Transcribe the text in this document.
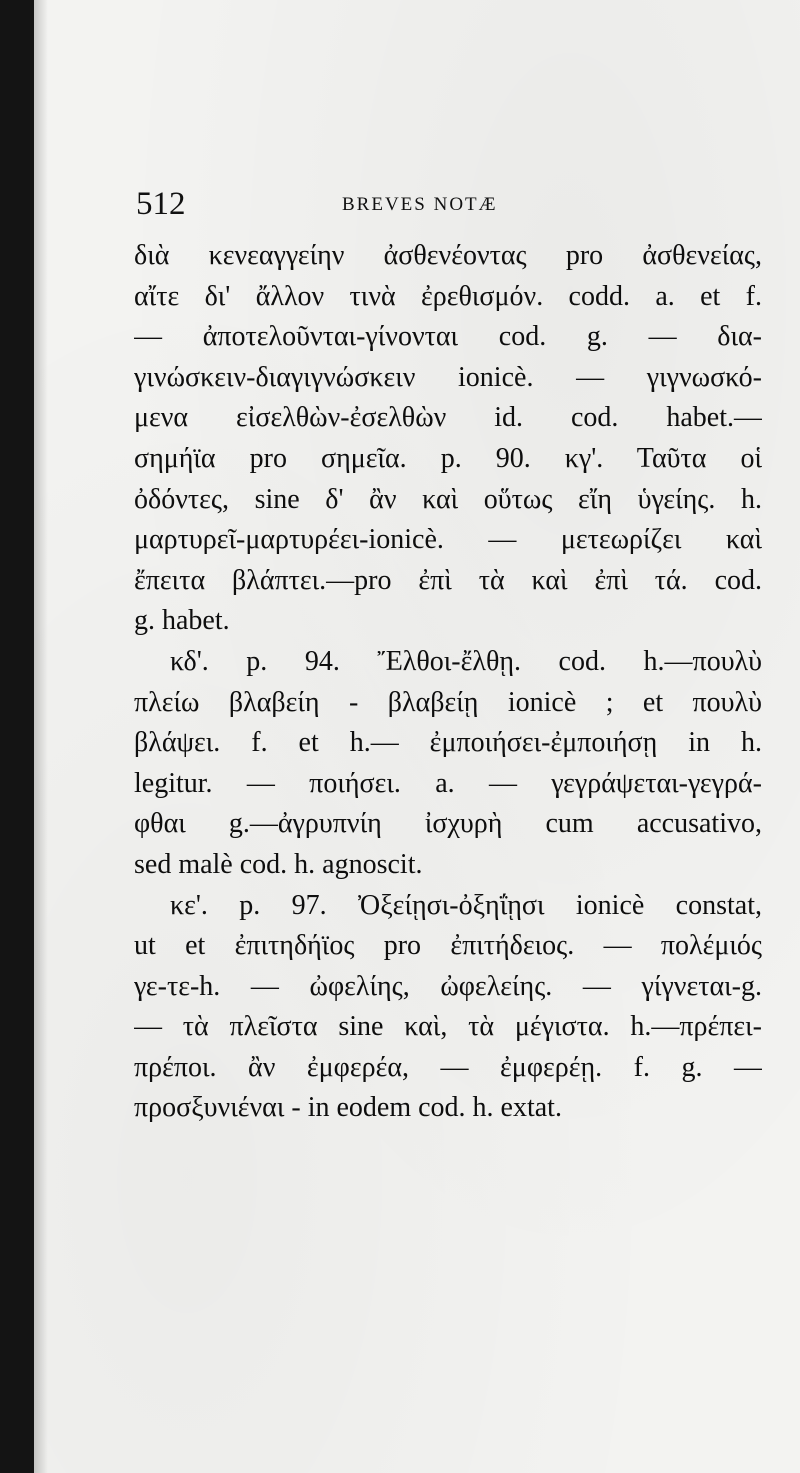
512	BREVES NOTÆ
διὰ κενεαγγείην ἀσθενέοντας pro ἀσθενείας,
αἴτε δι' ἄλλον τινὰ ἐρεθισμόν. codd. a. et f.
— ἀποτελοῦνται-γίνονται cod. g. — δια-
γινώσκειν-διαγιγνώσκειν ionicè. — γιγνωσκό-
μενα εἰσελθὼν-ἐσελθὼν id. cod. habet.—
σημήϊα pro σημεῖα. p. 90. κγ'. Ταῦτα οἱ
ὀδόντες, sine δ' ἂν καὶ οὕτως εἴη ὑγείης. h.
μαρτυρεῖ-μαρτυρέει-ionicè. — μετεωρίζει καὶ
ἔπειτα βλάπτει.—pro ἐπὶ τὰ καὶ ἐπὶ τά. cod.
g. habet.
κδ'. p. 94. Ἔλθοι-ἔλθῃ. cod. h.—πουλὺ
πλείω βλαβείη - βλαβείῃ ionicè ; et πουλὺ
βλάψει. f. et h.— ἐμποιήσει-ἐμποιήσῃ in h.
legitur. — ποιήσει. a. — γεγράψεται-γεγρά-
φθαι g.—ἀγρυπνίη ἰσχυρὴ cum accusativo,
sed malè cod. h. agnoscit.
κε'. p. 97. Ὀξείῃσι-ὀξηΐῃσι ionicè constat,
ut et ἐπιτηδήϊος pro ἐπιτήδειος. — πολέμιός
γε-τε-h. — ὠφελίης, ὠφελείης. — γίγνεται-g.
— τὰ πλεῖστα sine καὶ, τὰ μέγιστα. h.—πρέπει-
πρέποι. ἂν ἐμφερέα, — ἐμφερέῃ. f. g. —
προσξυνιέναι - in eodem cod. h. extat.
